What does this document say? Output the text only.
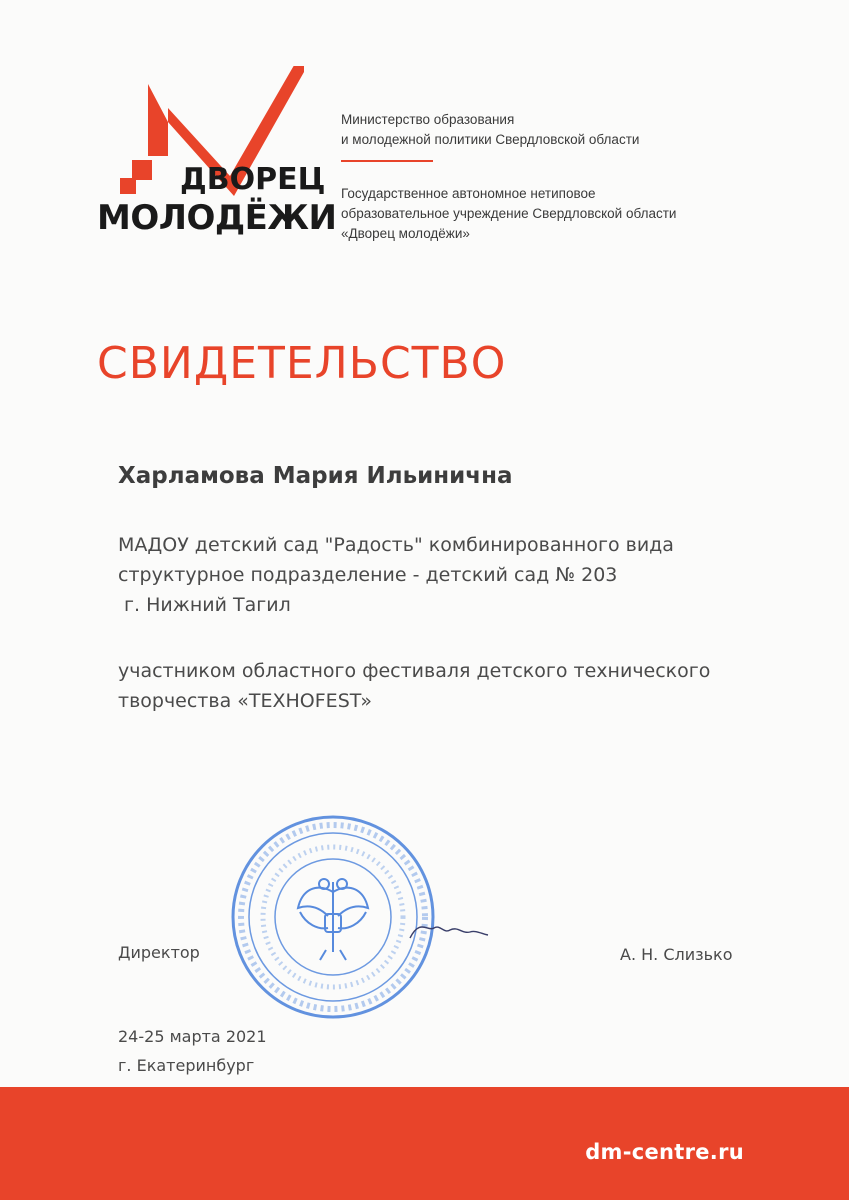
ДВОРЕЦ
МОЛОДЁЖИ
Министерство образования
и молодежной политики Свердловской области
Государственное автономное нетиповое
образовательное учреждение Свердловской области
«Дворец молодёжи»
СВИДЕТЕЛЬСТВО
Харламова Мария Ильинична
МАДОУ детский сад "Радость" комбинированного вида
структурное подразделение - детский сад № 203
г. Нижний Тагил
участником областного фестиваля детского технического
творчества «TEXHOFEST»
Директор	А. Н. Слизько
24-25 марта 2021
г. Екатеринбург
dm-centre.ru
